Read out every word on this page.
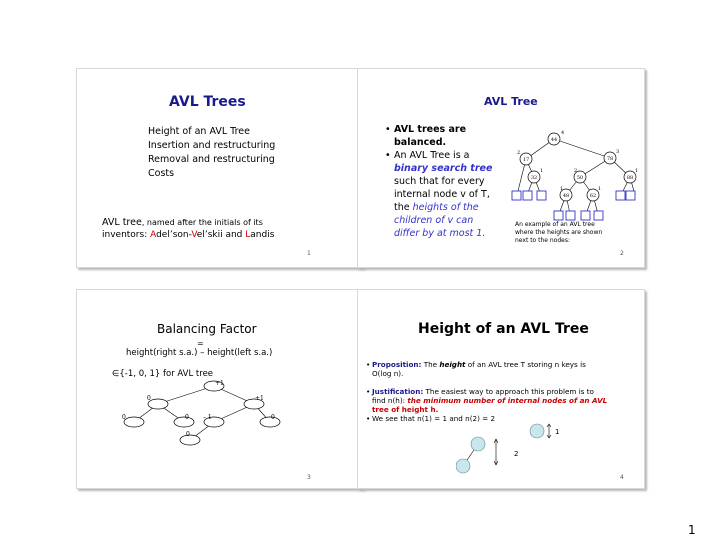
AVL Trees
Height of an AVL Tree
Insertion and restructuring
Removal and restructuring
Costs
AVL tree, named after the initials of its
inventors: Adel’son-Vel’skii and Landis
1
AVL Tree
• AVL trees are
balanced.
• An AVL Tree is a
binary search tree
such that for every
internal node v of T,
the heights of the
children of v can
differ by at most 1.
44
17	78
32	50	88
48	62
4
2	3
1	2	1
1	1
An example of an AVL tree
where the heights are shown
next to the nodes:
2
Balancing Factor
=
height(right s.a.) – height(left s.a.)
∈{-1, 0, 1} for AVL tree
+1
0	+1
0	0 – 1	0
0
3
Height of an AVL Tree
• Proposition: The height of an AVL tree T storing n keys is
O(log n).
• Justification: The easiest way to approach this problem is to
find n(h): the minimum number of internal nodes of an AVL
tree of height h.
• We see that n(1) = 1 and n(2) = 2
1
2
4
1
